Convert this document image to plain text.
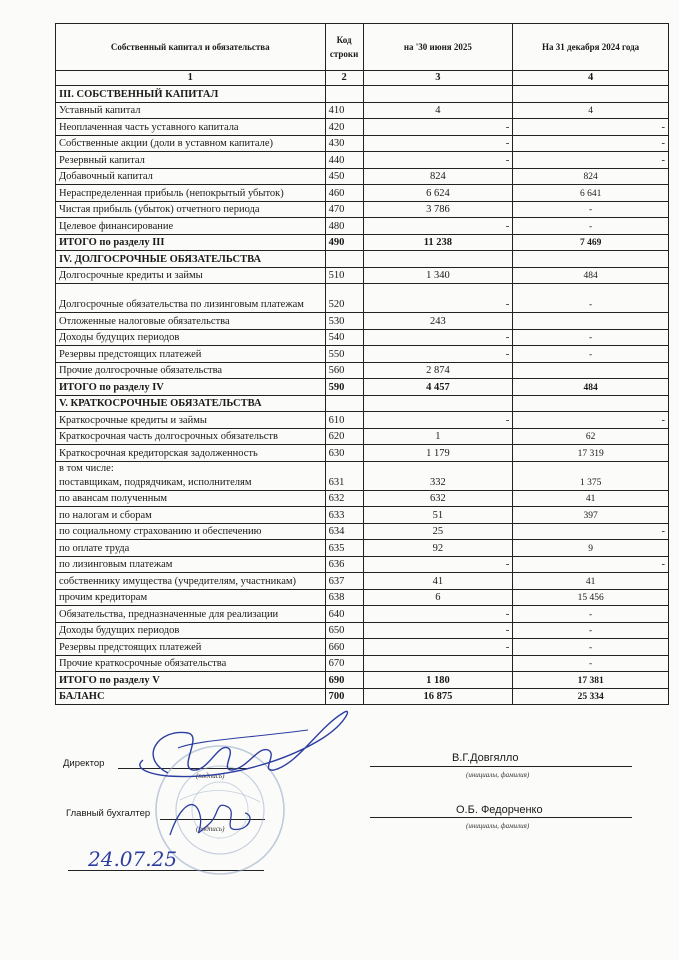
Собственный капитал и обязательства	Код строки	на '30 июня 2025	На 31 декабря 2024 года
1	2	3	4
III. СОБСТВЕННЫЙ КАПИТАЛ			
Уставный капитал	410	4	4
Неоплаченная часть уставного капитала	420	-	-
Собственные акции (доли в уставном капитале)	430	-	-
Резервный капитал	440	-	-
Добавочный капитал	450	824	824
Нераспределенная прибыль (непокрытый убыток)	460	6 624	6 641
Чистая прибыль (убыток) отчетного периода	470	3 786	-
Целевое финансирование	480	-	-
ИТОГО по разделу III	490	11 238	7 469
IV. ДОЛГОСРОЧНЫЕ ОБЯЗАТЕЛЬСТВА			
Долгосрочные кредиты и займы	510	1 340	484
Долгосрочные обязательства по лизинговым платежам	520	-	-
Отложенные налоговые обязательства	530	243	
Доходы будущих периодов	540	-	-
Резервы предстоящих платежей	550	-	-
Прочие долгосрочные обязательства	560	2 874	
ИТОГО по разделу IV	590	4 457	484
V. КРАТКОСРОЧНЫЕ ОБЯЗАТЕЛЬСТВА			
Краткосрочные кредиты и займы	610	-	-
Краткосрочная часть долгосрочных обязательств	620	1	62
Краткосрочная кредиторская задолженность	630	1 179	17 319
в том числе:
поставщикам, подрядчикам, исполнителям	631	332	1 375
по авансам полученным	632	632	41
по налогам и сборам	633	51	397
по социальному страхованию и обеспечению	634	25	-
по оплате труда	635	92	9
по лизинговым платежам	636	-	-
собственнику имущества (учредителям, участникам)	637	41	41
прочим кредиторам	638	6	15 456
Обязательства, предназначенные для реализации	640	-	-
Доходы будущих периодов	650	-	-
Резервы предстоящих платежей	660	-	-
Прочие краткосрочные обязательства	670		-
ИТОГО по разделу V	690	1 180	17 381
БАЛАНС	700	16 875	25 334
Директор
(подпись)
В.Г.Довгялло
(инициалы, фамилия)
Главный бухгалтер
(подпись)
О.Б. Федорченко
(инициалы, фамилия)
24.07.25
